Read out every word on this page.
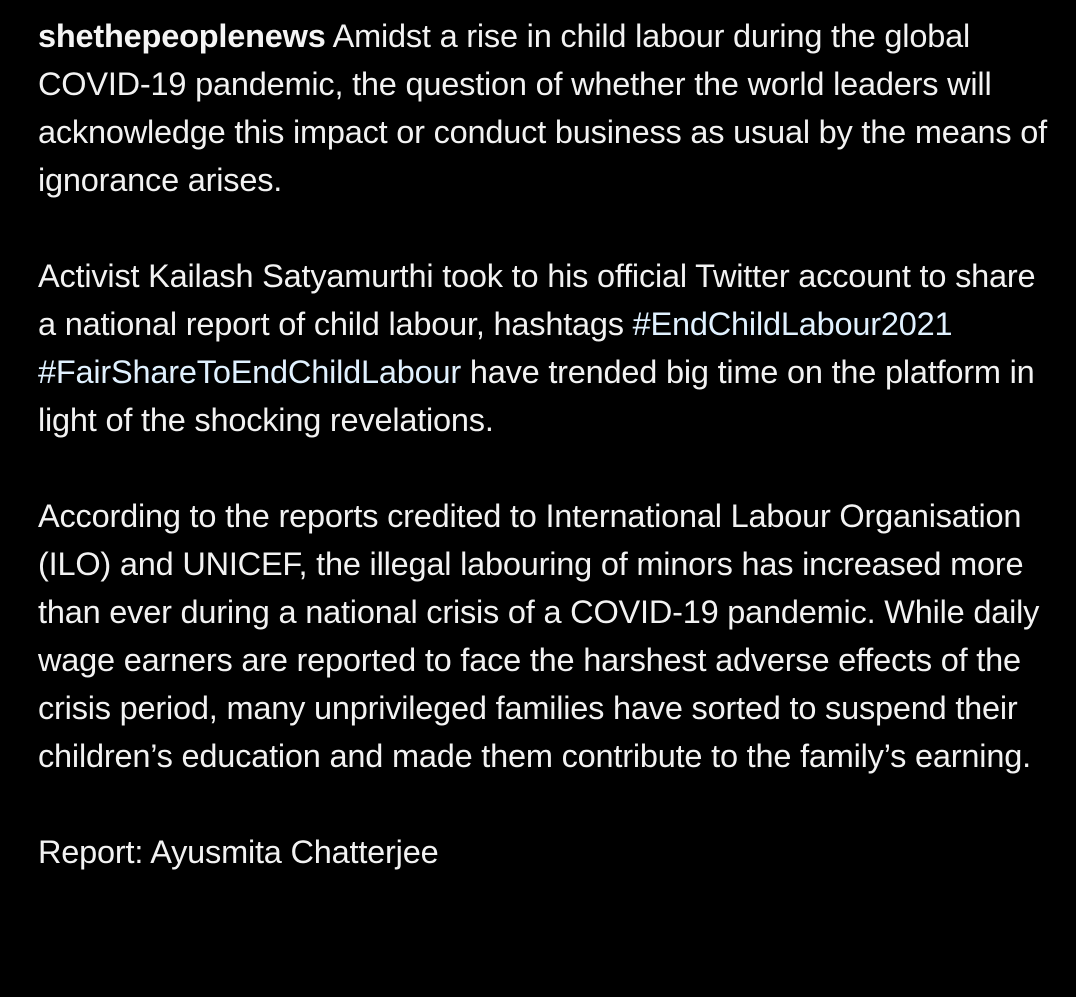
shethepeoplenews Amidst a rise in child labour during the global COVID-19 pandemic, the question of whether the world leaders will acknowledge this impact or conduct business as usual by the means of ignorance arises.

Activist Kailash Satyamurthi took to his official Twitter account to share a national report of child labour, hashtags #EndChildLabour2021 #FairShareToEndChildLabour have trended big time on the platform in light of the shocking revelations.

According to the reports credited to International Labour Organisation (ILO) and UNICEF, the illegal labouring of minors has increased more than ever during a national crisis of a COVID-19 pandemic. While daily wage earners are reported to face the harshest adverse effects of the crisis period, many unprivileged families have sorted to suspend their children’s education and made them contribute to the family’s earning.

Report: Ayusmita Chatterjee
